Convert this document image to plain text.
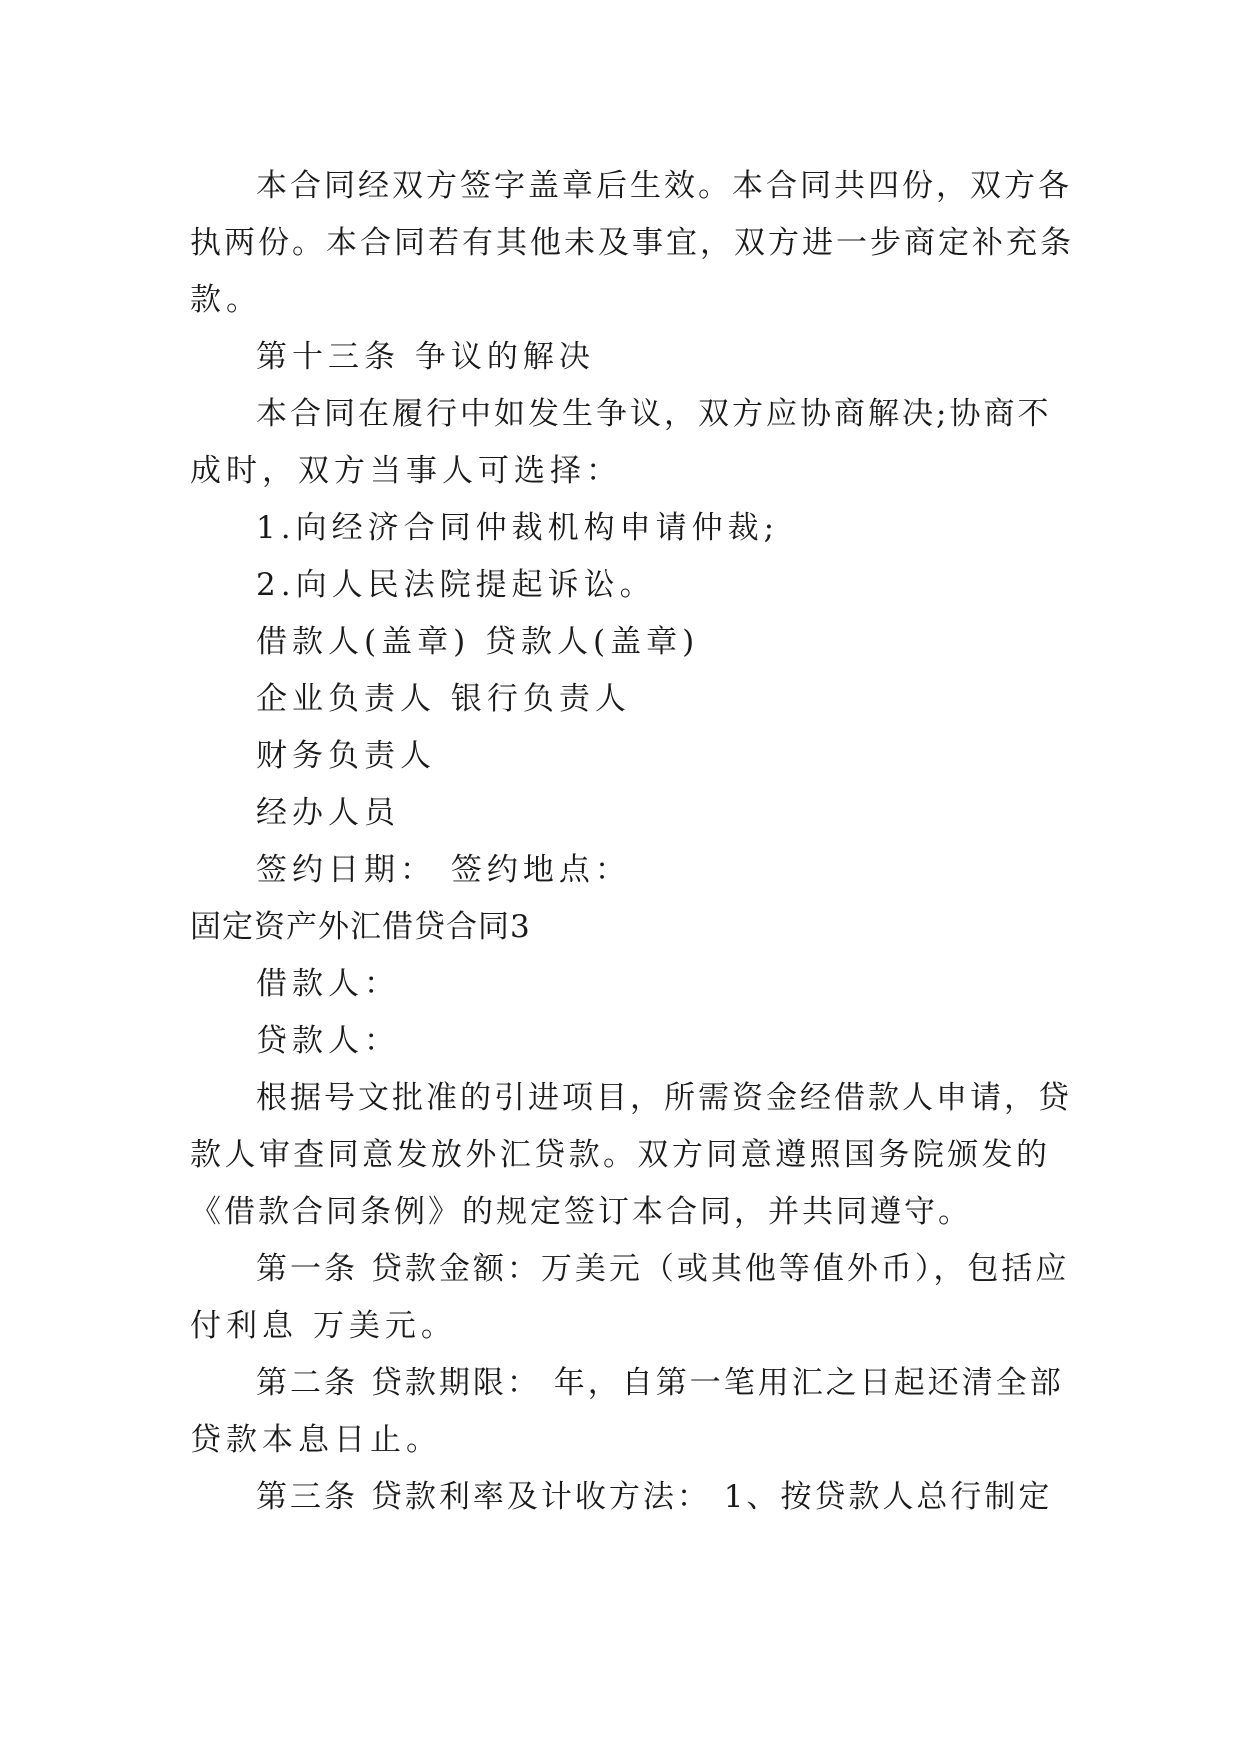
本合同经双方签字盖章后生效。本合同共四份，双方各
执两份。本合同若有其他未及事宜，双方进一步商定补充条
款。
第十三条 争议的解决
本合同在履行中如发生争议，双方应协商解决;协商不
成时，双方当事人可选择：
1.向经济合同仲裁机构申请仲裁;
2.向人民法院提起诉讼。
借款人(盖章) 贷款人(盖章)
企业负责人 银行负责人
财务负责人
经办人员
签约日期： 签约地点：
固定资产外汇借贷合同3
借款人：
贷款人：
根据号文批准的引进项目，所需资金经借款人申请，贷
款人审查同意发放外汇贷款。双方同意遵照国务院颁发的
《借款合同条例》的规定签订本合同，并共同遵守。
第一条 贷款金额：万美元（或其他等值外币），包括应
付利息 万美元。
第二条 贷款期限： 年，自第一笔用汇之日起还清全部
贷款本息日止。
第三条 贷款利率及计收方法： 1、按贷款人总行制定
